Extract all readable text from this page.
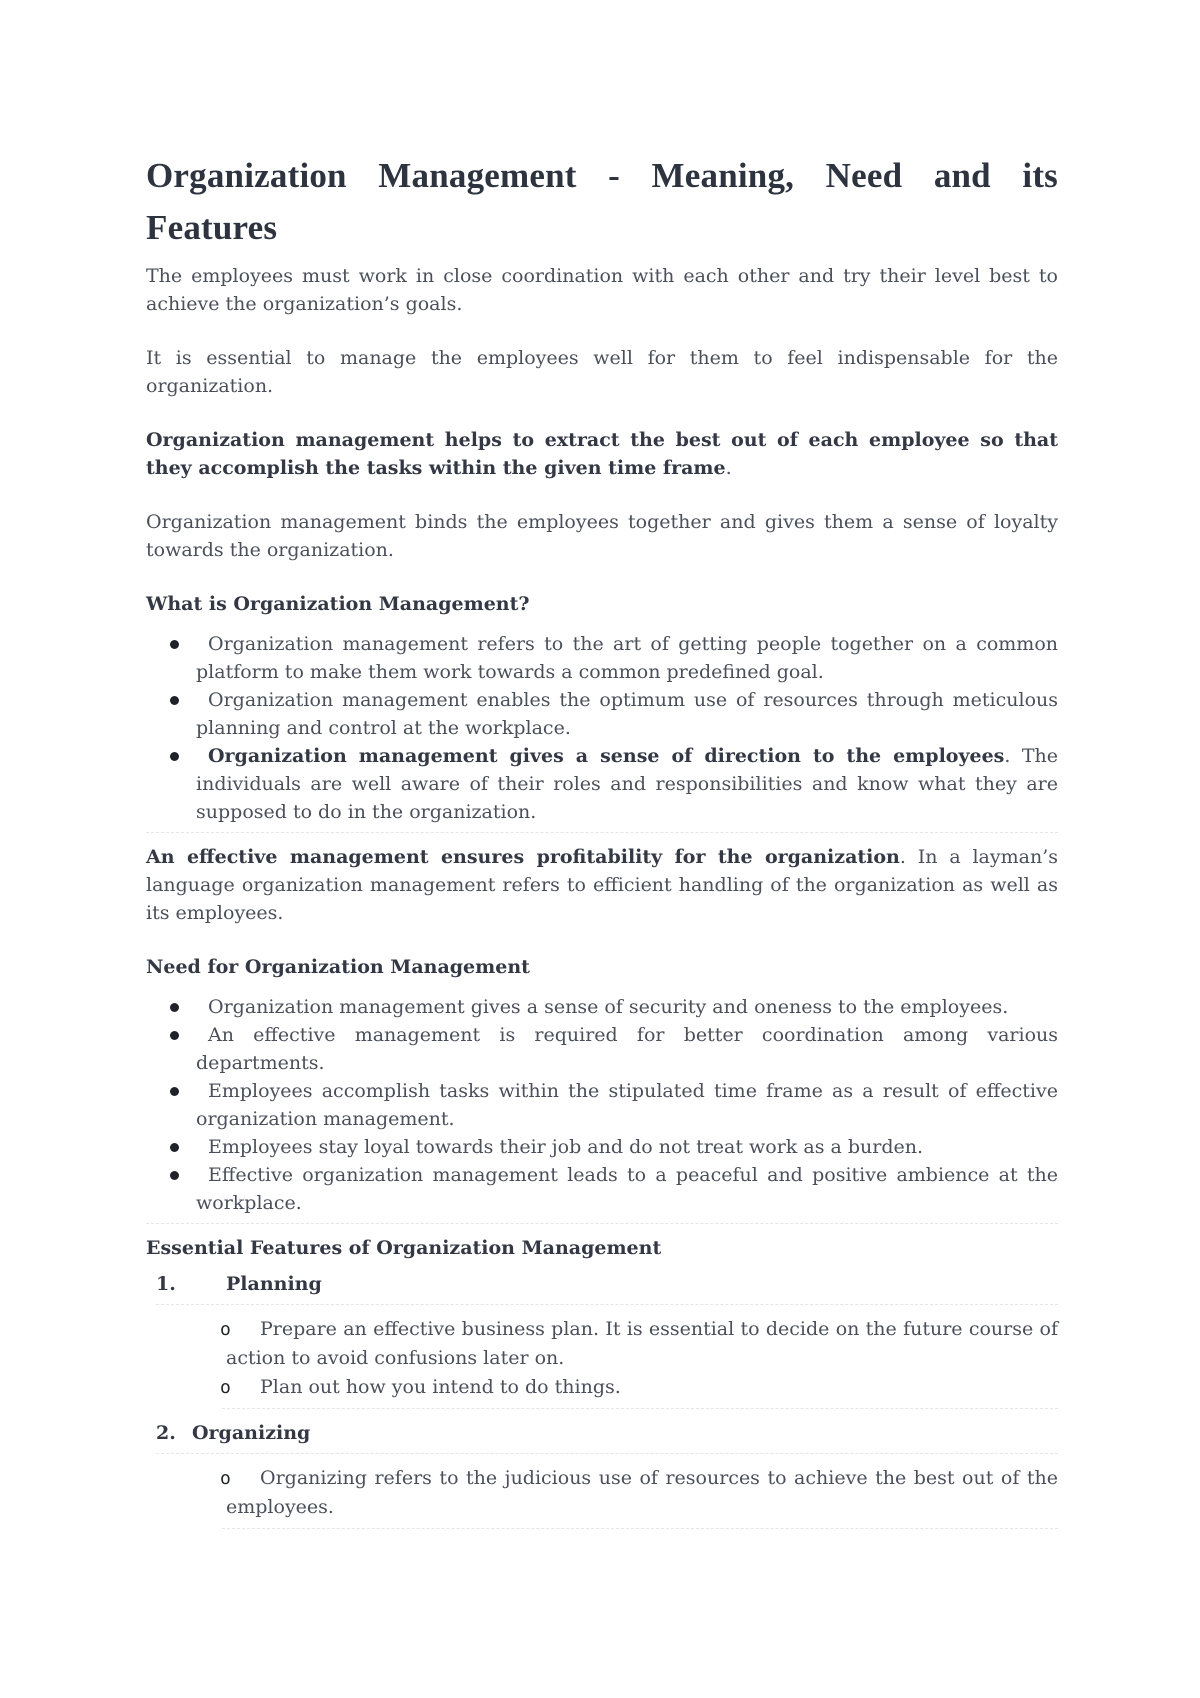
Organization Management - Meaning, Need and its Features

The employees must work in close coordination with each other and try their level best to achieve the organization’s goals.

It is essential to manage the employees well for them to feel indispensable for the organization.

Organization management helps to extract the best out of each employee so that they accomplish the tasks within the given time frame.

Organization management binds the employees together and gives them a sense of loyalty towards the organization.

What is Organization Management?
Organization management refers to the art of getting people together on a common platform to make them work towards a common predefined goal.
Organization management enables the optimum use of resources through meticulous planning and control at the workplace.
Organization management gives a sense of direction to the employees. The individuals are well aware of their roles and responsibilities and know what they are supposed to do in the organization.

An effective management ensures profitability for the organization. In a layman’s language organization management refers to efficient handling of the organization as well as its employees.

Need for Organization Management
Organization management gives a sense of security and oneness to the employees.
An effective management is required for better coordination among various departments.
Employees accomplish tasks within the stipulated time frame as a result of effective organization management.
Employees stay loyal towards their job and do not treat work as a burden.
Effective organization management leads to a peaceful and positive ambience at the workplace.
Essential Features of Organization Management
1.	Planning
o	Prepare an effective business plan. It is essential to decide on the future course of action to avoid confusions later on.
o	Plan out how you intend to do things.
2. Organizing
o	Organizing refers to the judicious use of resources to achieve the best out of the employees.
